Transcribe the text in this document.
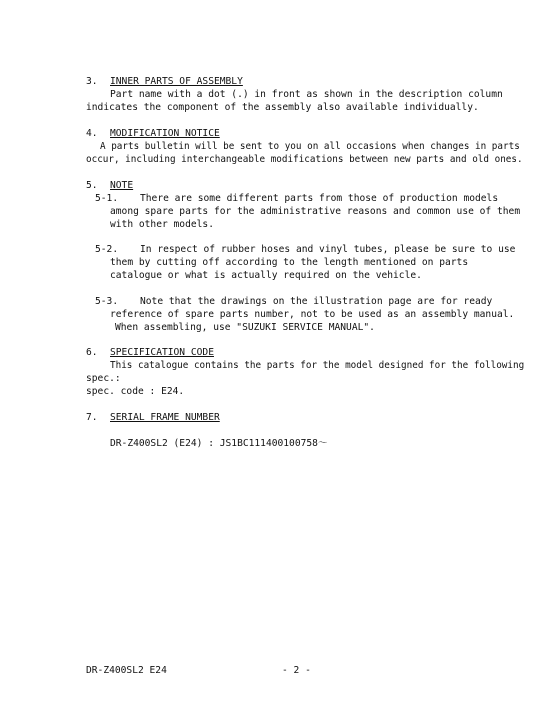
3. INNER PARTS OF ASSEMBLY
Part name with a dot (.) in front as shown in the description column
indicates the component of the assembly also available individually.
4. MODIFICATION NOTICE
A parts bulletin will be sent to you on all occasions when changes in parts
occur, including interchangeable modifications between new parts and old ones.
5. NOTE
5-1. There are some different parts from those of production models
among spare parts for the administrative reasons and common use of them
with other models.
5-2. In respect of rubber hoses and vinyl tubes, please be sure to use
them by cutting off according to the length mentioned on parts
catalogue or what is actually required on the vehicle.
5-3. Note that the drawings on the illustration page are for ready
reference of spare parts number, not to be used as an assembly manual.
When assembling, use "SUZUKI SERVICE MANUAL".
6. SPECIFICATION CODE
This catalogue contains the parts for the model designed for the following
spec.:
spec. code : E24.
7. SERIAL FRAME NUMBER
DR-Z400SL2 (E24) : JS1BC111400100758～
DR-Z400SL2 E24	- 2 -
